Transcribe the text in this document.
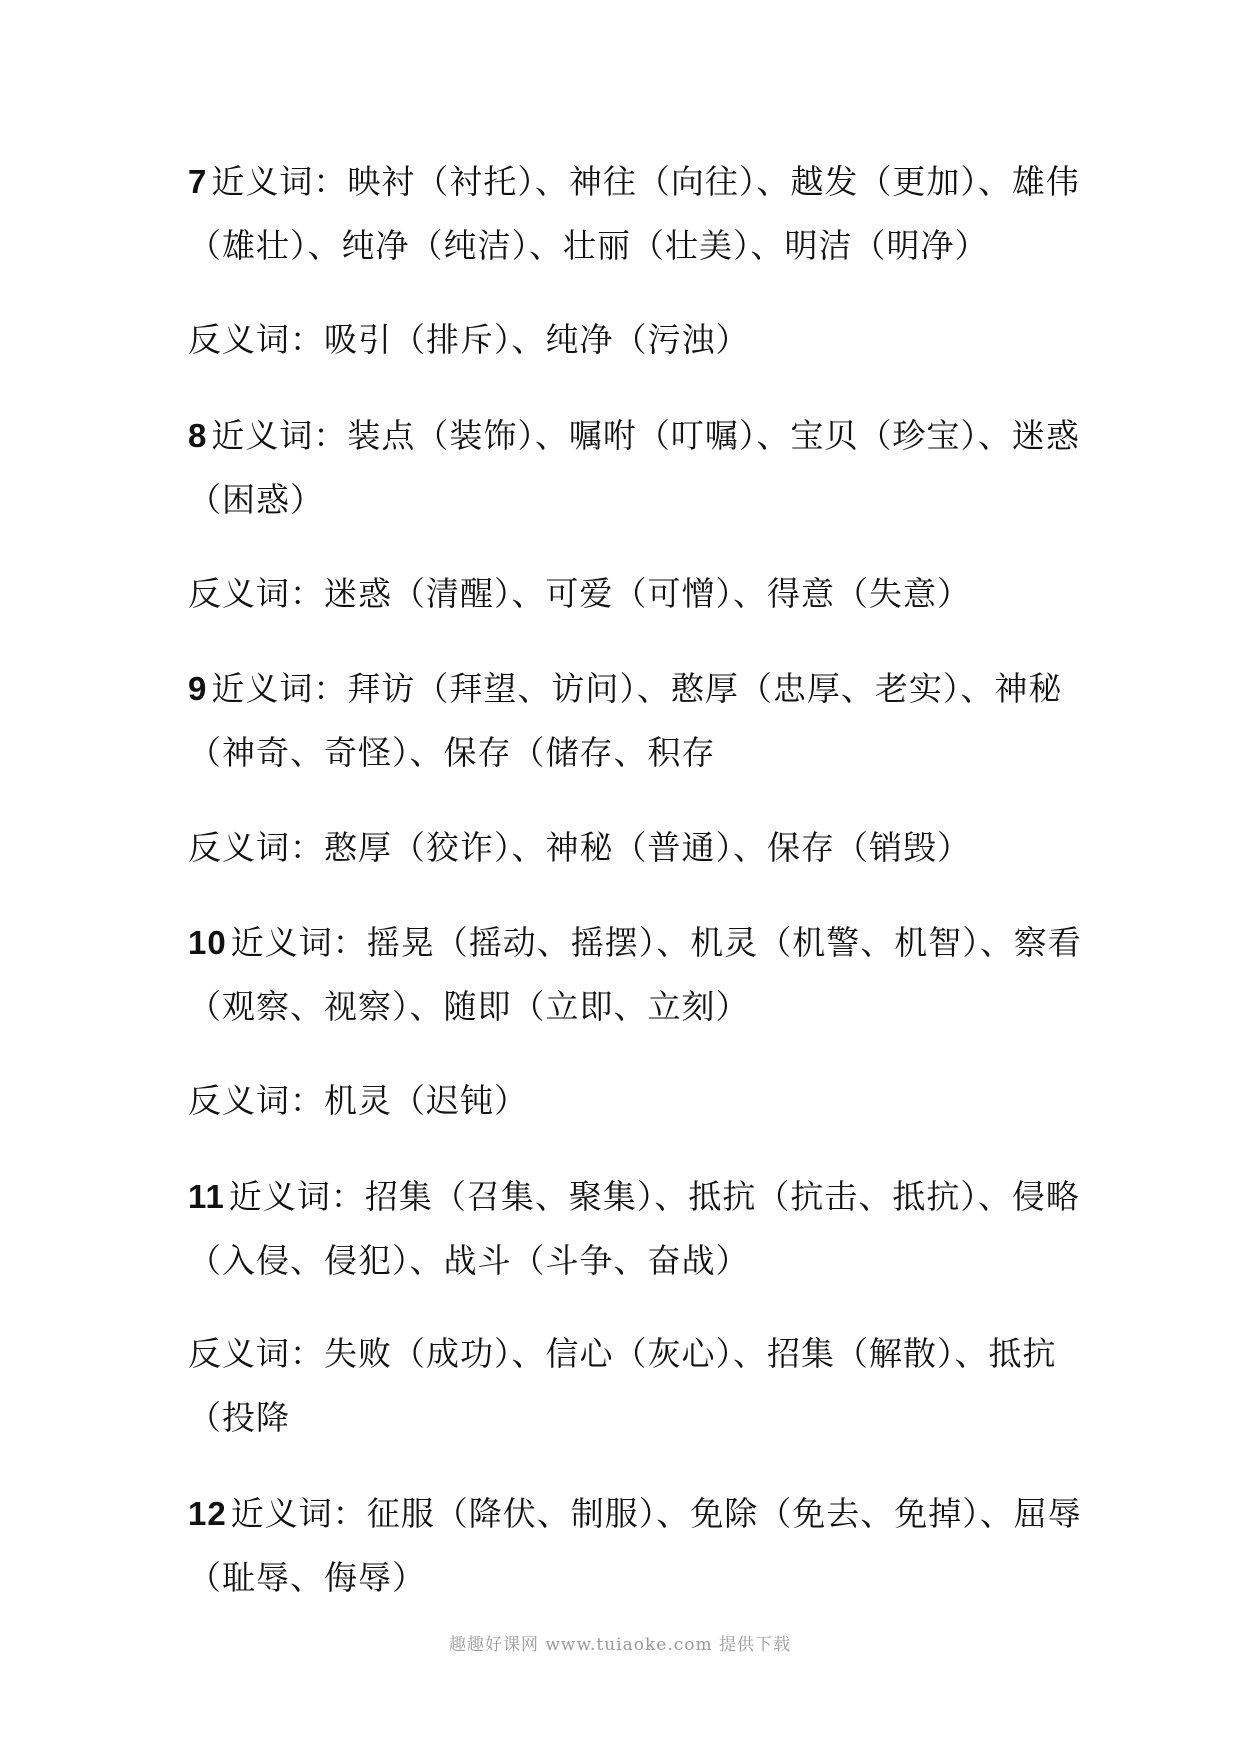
7 近义词：映衬（衬托）、神往（向往）、越发（更加）、雄伟（雄壮）、纯净（纯洁）、壮丽（壮美）、明洁（明净）
反义词：吸引（排斥）、纯净（污浊）
8 近义词：装点（装饰）、嘱咐（叮嘱）、宝贝（珍宝）、迷惑（困惑）
反义词：迷惑（清醒）、可爱（可憎）、得意（失意）
9 近义词：拜访（拜望、访问）、憨厚（忠厚、老实）、神秘（神奇、奇怪）、保存（储存、积存
反义词：憨厚（狡诈）、神秘（普通）、保存（销毁）
10 近义词：摇晃（摇动、摇摆）、机灵（机警、机智）、察看（观察、视察）、随即（立即、立刻）
反义词：机灵（迟钝）
11 近义词：招集（召集、聚集）、抵抗（抗击、抵抗）、侵略（入侵、侵犯）、战斗（斗争、奋战）
反义词：失败（成功）、信心（灰心）、招集（解散）、抵抗（投降
12 近义词：征服（降伏、制服）、免除（免去、免掉）、屈辱（耻辱、侮辱）
趣趣好课网 www.tuiaoke.com 提供下载
